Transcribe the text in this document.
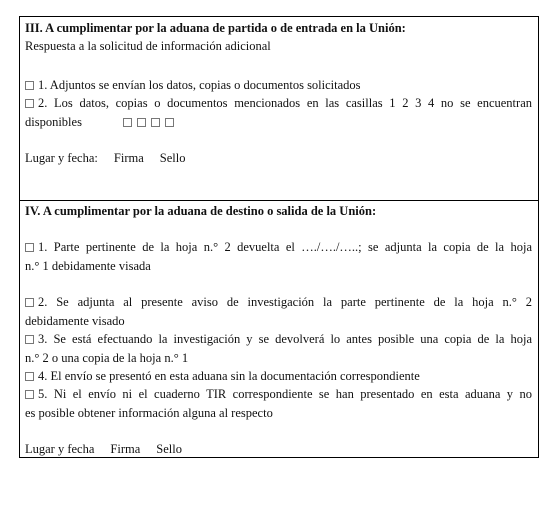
III. A cumplimentar por la aduana de partida o de entrada en la Unión:
Respuesta a la solicitud de información adicional
1. Adjuntos se envían los datos, copias o documentos solicitados
2. Los datos, copias o documentos mencionados en las casillas 1 2 3 4 no se encuentran
disponibles
Lugar y fecha: Firma Sello
IV. A cumplimentar por la aduana de destino o salida de la Unión:
1. Parte pertinente de la hoja n.° 2 devuelta el …./…./…..; se adjunta la copia de la hoja
n.° 1 debidamente visada
2. Se adjunta al presente aviso de investigación la parte pertinente de la hoja n.° 2
debidamente visado
3. Se está efectuando la investigación y se devolverá lo antes posible una copia de la hoja
n.° 2 o una copia de la hoja n.° 1
4. El envío se presentó en esta aduana sin la documentación correspondiente
5. Ni el envío ni el cuaderno TIR correspondiente se han presentado en esta aduana y no
es posible obtener información alguna al respecto
Lugar y fecha Firma Sello
